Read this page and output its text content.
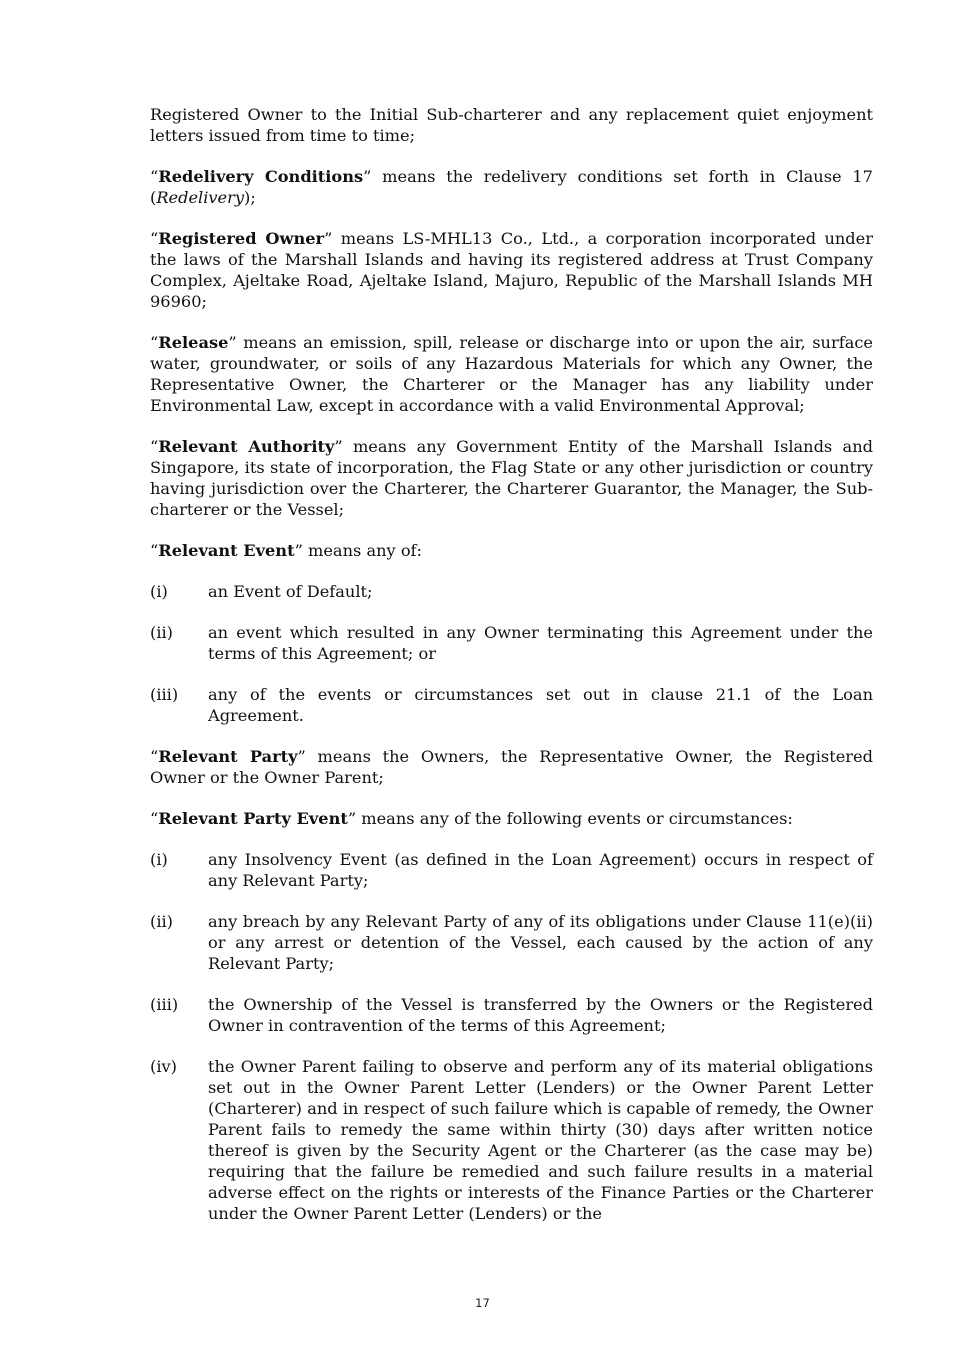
Registered Owner to the Initial Sub-charterer and any replacement quiet enjoyment letters issued from time to time;

“Redelivery Conditions” means the redelivery conditions set forth in Clause 17 (Redelivery);

“Registered Owner” means LS-MHL13 Co., Ltd., a corporation incorporated under the laws of the Marshall Islands and having its registered address at Trust Company Complex, Ajeltake Road, Ajeltake Island, Majuro, Republic of the Marshall Islands MH 96960;

“Release” means an emission, spill, release or discharge into or upon the air, surface water, groundwater, or soils of any Hazardous Materials for which any Owner, the Representative Owner, the Charterer or the Manager has any liability under Environmental Law, except in accordance with a valid Environmental Approval;

“Relevant Authority” means any Government Entity of the Marshall Islands and Singapore, its state of incorporation, the Flag State or any other jurisdiction or country having jurisdiction over the Charterer, the Charterer Guarantor, the Manager, the Sub-charterer or the Vessel;

“Relevant Event” means any of:

(i)	an Event of Default;
(ii)	an event which resulted in any Owner terminating this Agreement under the terms of this Agreement; or
(iii)	any of the events or circumstances set out in clause 21.1 of the Loan Agreement.

“Relevant Party” means the Owners, the Representative Owner, the Registered Owner or the Owner Parent;

“Relevant Party Event” means any of the following events or circumstances:

(i)	any Insolvency Event (as defined in the Loan Agreement) occurs in respect of any Relevant Party;
(ii)	any breach by any Relevant Party of any of its obligations under Clause 11(e)(ii) or any arrest or detention of the Vessel, each caused by the action of any Relevant Party;
(iii)	the Ownership of the Vessel is transferred by the Owners or the Registered Owner in contravention of the terms of this Agreement;
(iv)	the Owner Parent failing to observe and perform any of its material obligations set out in the Owner Parent Letter (Lenders) or the Owner Parent Letter (Charterer) and in respect of such failure which is capable of remedy, the Owner Parent fails to remedy the same within thirty (30) days after written notice thereof is given by the Security Agent or the Charterer (as the case may be) requiring that the failure be remedied and such failure results in a material adverse effect on the rights or interests of the Finance Parties or the Charterer under the Owner Parent Letter (Lenders) or the
17
